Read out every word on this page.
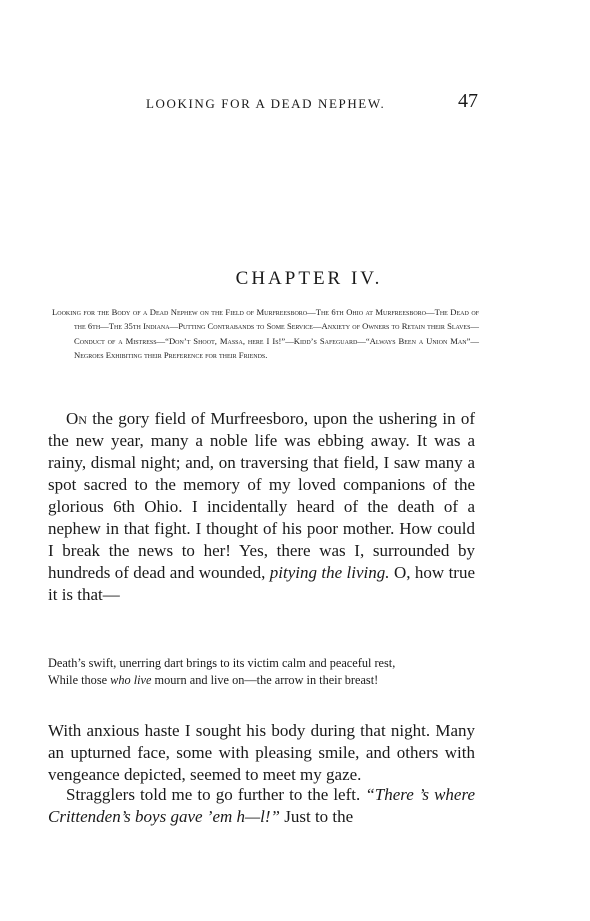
LOOKING FOR A DEAD NEPHEW.	47
CHAPTER IV.
Looking for the Body of a Dead Nephew on the Field of Murfreesboro—The 6th Ohio at Murfreesboro—The Dead of the 6th—The 35th Indiana—Putting Contrabands to Some Service—Anxiety of Owners to Retain their Slaves—Conduct of a Mistress—“Don’t Shoot, Massa, here I Is!”—Kidd’s Safeguard—“Always Been a Union Man”—Negroes Exhibiting their Preference for their Friends.

On the gory field of Murfreesboro, upon the ushering in of the new year, many a noble life was ebbing away. It was a rainy, dismal night; and, on traversing that field, I saw many a spot sacred to the memory of my loved companions of the glorious 6th Ohio. I incidentally heard of the death of a nephew in that fight. I thought of his poor mother. How could I break the news to her! Yes, there was I, surrounded by hundreds of dead and wounded, pitying the living. O, how true it is that—

Death’s swift, unerring dart brings to its victim calm and peaceful rest,
While those who live mourn and live on—the arrow in their breast!

With anxious haste I sought his body during that night. Many an upturned face, some with pleasing smile, and others with vengeance depicted, seemed to meet my gaze.

Stragglers told me to go further to the left. “There ’s where Crittenden’s boys gave ’em h—l!” Just to the
